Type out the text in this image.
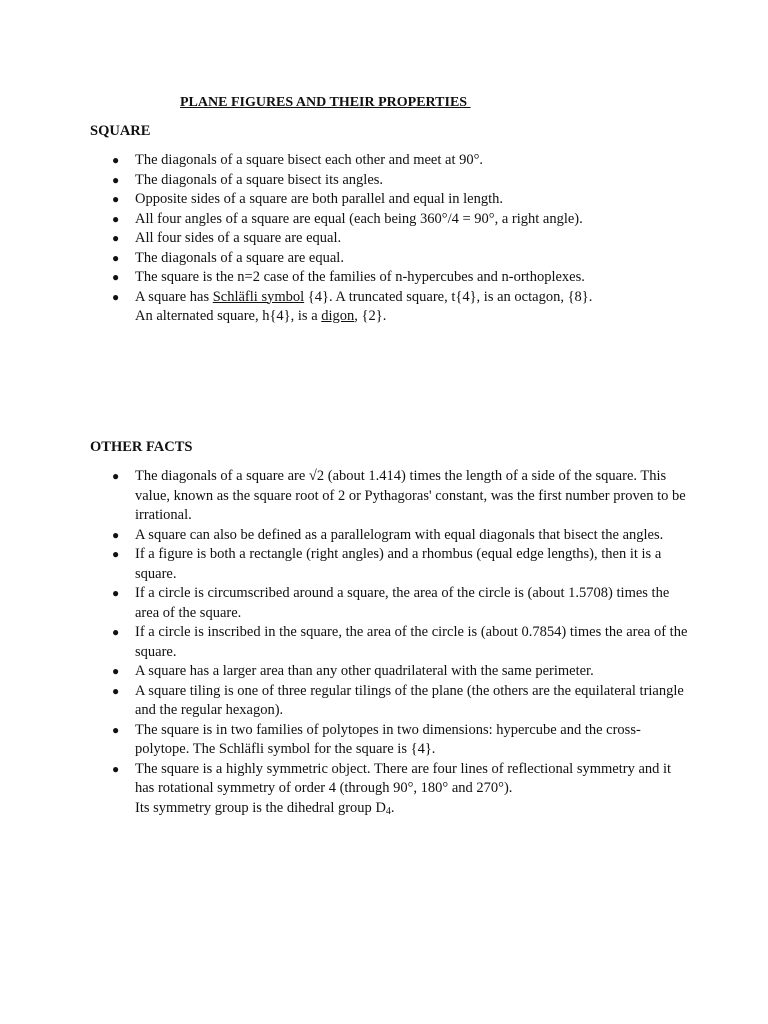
PLANE FIGURES AND THEIR PROPERTIES
SQUARE
● The diagonals of a square bisect each other and meet at 90°.
● The diagonals of a square bisect its angles.
● Opposite sides of a square are both parallel and equal in length.
● All four angles of a square are equal (each being 360°/4 = 90°, a right angle).
● All four sides of a square are equal.
● The diagonals of a square are equal.
● The square is the n=2 case of the families of n-hypercubes and n-orthoplexes.
● A square has Schläfli symbol {4}. A truncated square, t{4}, is an octagon, {8}.
An alternated square, h{4}, is a digon, {2}.
OTHER FACTS
● The diagonals of a square are √2 (about 1.414) times the length of a side of the square. This value, known as the square root of 2 or Pythagoras' constant, was the first number proven to be irrational.
● A square can also be defined as a parallelogram with equal diagonals that bisect the angles.
● If a figure is both a rectangle (right angles) and a rhombus (equal edge lengths), then it is a square.
● If a circle is circumscribed around a square, the area of the circle is (about 1.5708) times the area of the square.
● If a circle is inscribed in the square, the area of the circle is (about 0.7854) times the area of the square.
● A square has a larger area than any other quadrilateral with the same perimeter.
● A square tiling is one of three regular tilings of the plane (the others are the equilateral triangle and the regular hexagon).
● The square is in two families of polytopes in two dimensions: hypercube and the cross-polytope. The Schläfli symbol for the square is {4}.
● The square is a highly symmetric object. There are four lines of reflectional symmetry and it has rotational symmetry of order 4 (through 90°, 180° and 270°).
Its symmetry group is the dihedral group $D_4$.
